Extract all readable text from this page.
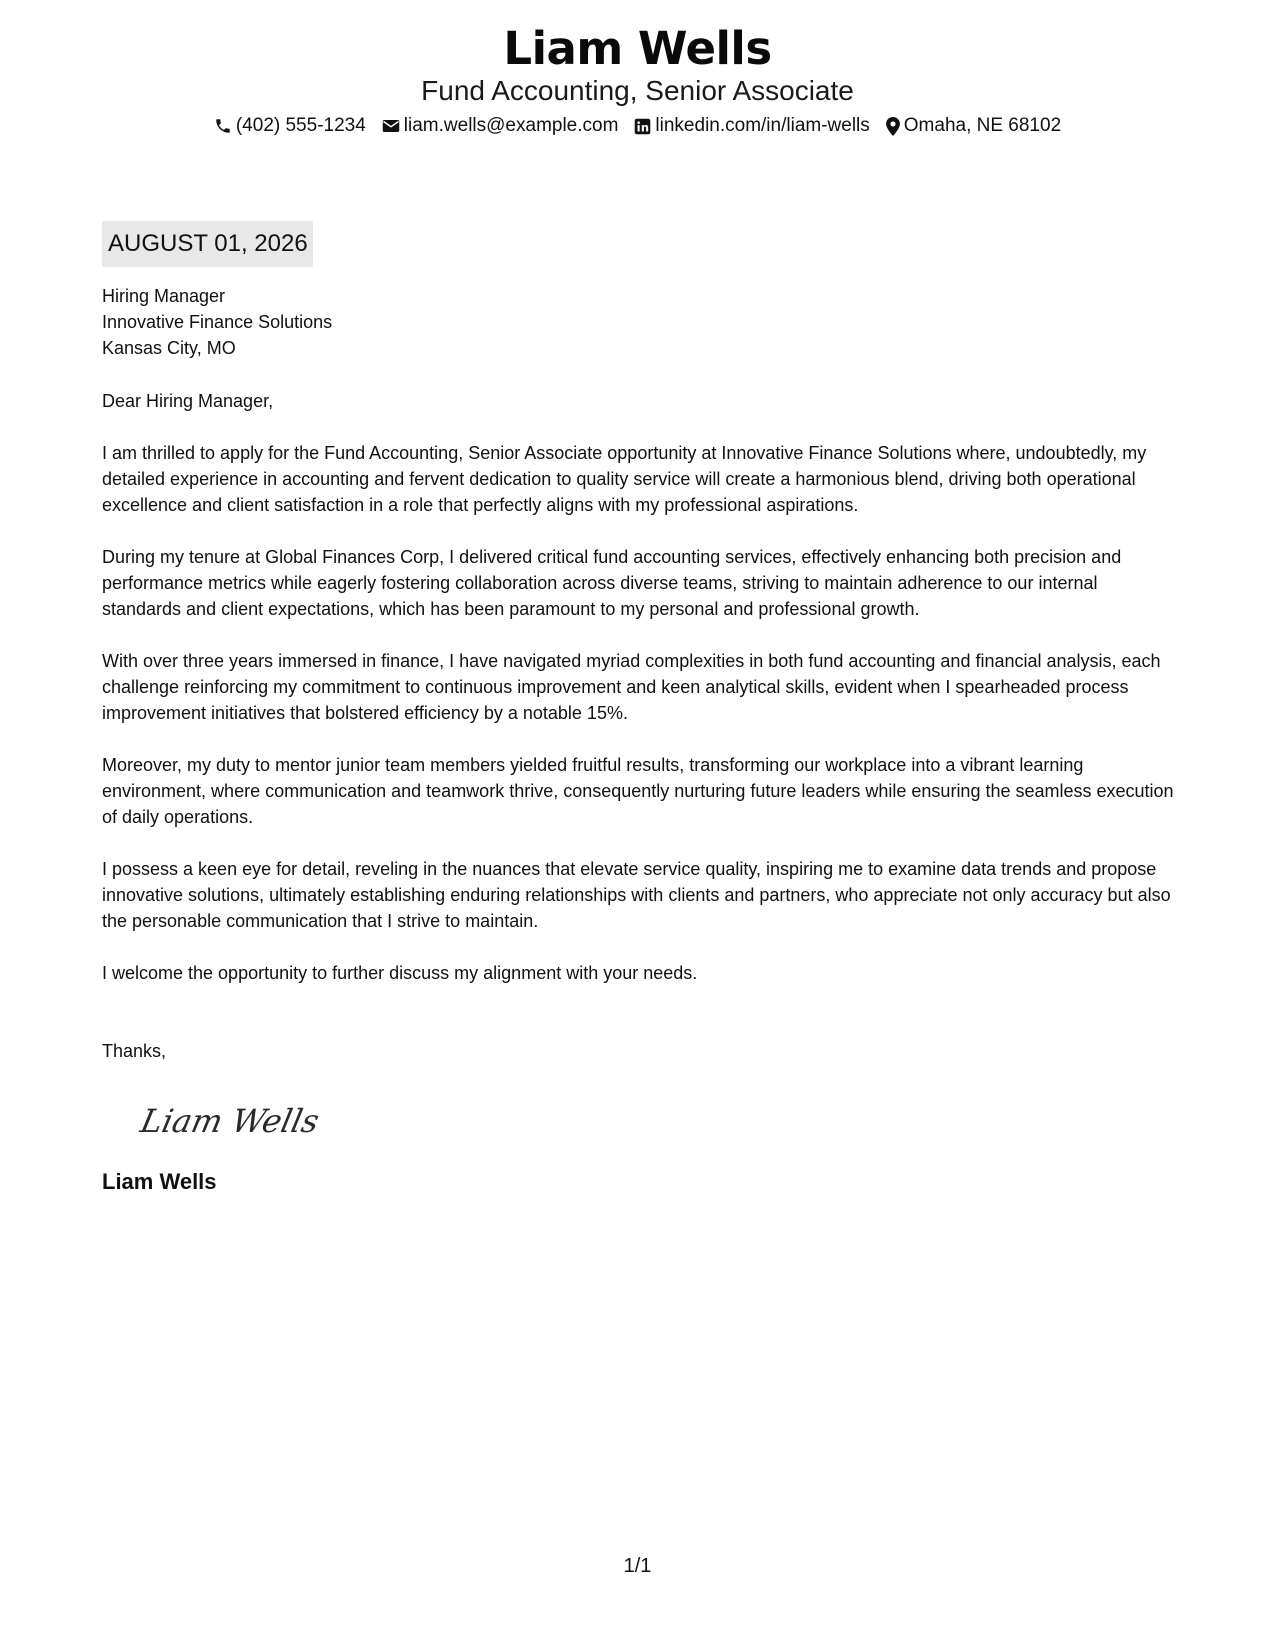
Liam Wells
Fund Accounting, Senior Associate
(402) 555-1234 liam.wells@example.com linkedin.com/in/liam-wells Omaha, NE 68102
AUGUST 01, 2026
Hiring Manager
Innovative Finance Solutions
Kansas City, MO
Dear Hiring Manager,
I am thrilled to apply for the Fund Accounting, Senior Associate opportunity at Innovative Finance Solutions where, undoubtedly, my detailed experience in accounting and fervent dedication to quality service will create a harmonious blend, driving both operational excellence and client satisfaction in a role that perfectly aligns with my professional aspirations.
During my tenure at Global Finances Corp, I delivered critical fund accounting services, effectively enhancing both precision and performance metrics while eagerly fostering collaboration across diverse teams, striving to maintain adherence to our internal standards and client expectations, which has been paramount to my personal and professional growth.
With over three years immersed in finance, I have navigated myriad complexities in both fund accounting and financial analysis, each challenge reinforcing my commitment to continuous improvement and keen analytical skills, evident when I spearheaded process improvement initiatives that bolstered efficiency by a notable 15%.
Moreover, my duty to mentor junior team members yielded fruitful results, transforming our workplace into a vibrant learning environment, where communication and teamwork thrive, consequently nurturing future leaders while ensuring the seamless execution of daily operations.
I possess a keen eye for detail, reveling in the nuances that elevate service quality, inspiring me to examine data trends and propose innovative solutions, ultimately establishing enduring relationships with clients and partners, who appreciate not only accuracy but also the personable communication that I strive to maintain.
I welcome the opportunity to further discuss my alignment with your needs.
Thanks,
Liam Wells
Liam Wells
1/1
